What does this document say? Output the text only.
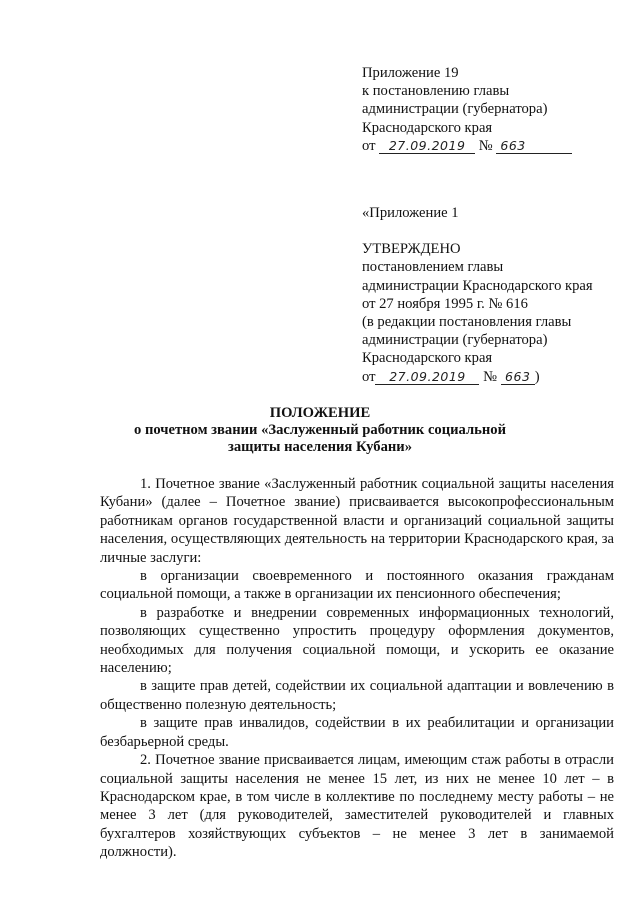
Приложение 19
к постановлению главы
администрации (губернатора)
Краснодарского края
от 27.09.2019 № 663
«Приложение 1
УТВЕРЖДЕНО
постановлением главы
администрации Краснодарского края
от 27 ноября 1995 г. № 616
(в редакции постановления главы
администрации (губернатора)
Краснодарского края
от 27.09.2019 № 663 )
ПОЛОЖЕНИЕ
о почетном звании «Заслуженный работник социальной
защиты населения Кубани»

1. Почетное звание «Заслуженный работник социальной защиты населения Кубани» (далее – Почетное звание) присваивается высокопрофессиональным работникам органов государственной власти и организаций социальной защиты населения, осуществляющих деятельность на территории Краснодарского края, за личные заслуги:

в организации своевременного и постоянного оказания гражданам социальной помощи, а также в организации их пенсионного обеспечения;

в разработке и внедрении современных информационных технологий, позволяющих существенно упростить процедуру оформления документов, необходимых для получения социальной помощи, и ускорить ее оказание населению;

в защите прав детей, содействии их социальной адаптации и вовлечению в общественно полезную деятельность;

в защите прав инвалидов, содействии в их реабилитации и организации безбарьерной среды.

2. Почетное звание присваивается лицам, имеющим стаж работы в отрасли социальной защиты населения не менее 15 лет, из них не менее 10 лет – в Краснодарском крае, в том числе в коллективе по последнему месту работы – не менее 3 лет (для руководителей, заместителей руководителей и главных бухгалтеров хозяйствующих субъектов – не менее 3 лет в занимаемой должности).
